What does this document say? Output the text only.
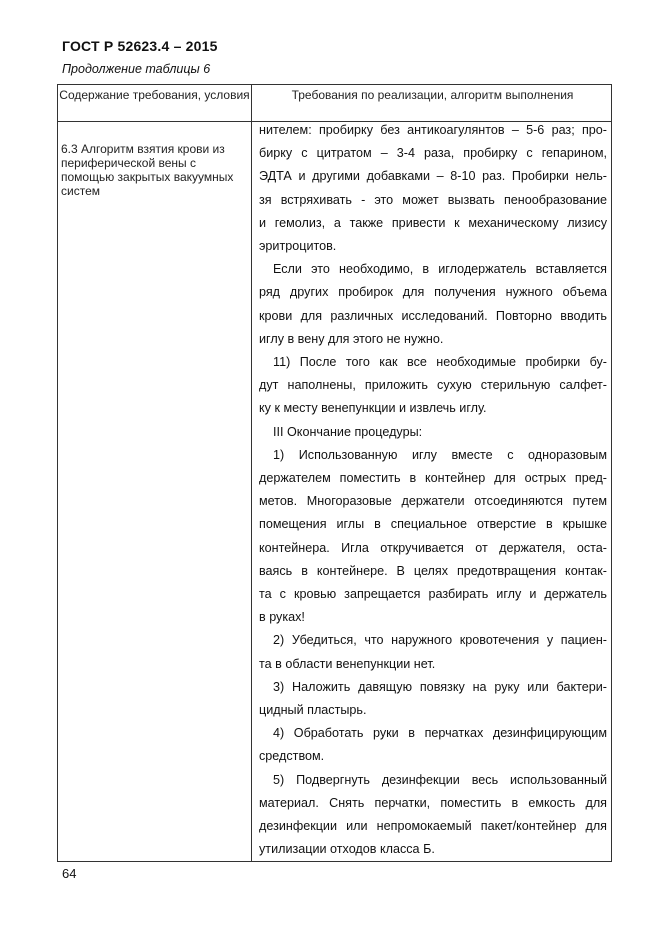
ГОСТ Р 52623.4 – 2015
Продолжение таблицы 6
Содержание требования, условия	Требования по реализации, алгоритм выполнения
6.3 Алгоритм взятия крови из периферической вены с помощью закрытых вакуумных систем

нителем: пробирку без антикоагулянтов – 5-6 раз; про-

бирку с цитратом – 3-4 раза, пробирку с гепарином,

ЭДТА и другими добавками – 8-10 раз. Пробирки нель-

зя встряхивать - это может вызвать пенообразование

и гемолиз, а также привести к механическому лизису

эритроцитов.

Если это необходимо, в иглодержатель вставляется

ряд других пробирок для получения нужного объема

крови для различных исследований. Повторно вводить

иглу в вену для этого не нужно.

11) После того как все необходимые пробирки бу-

дут наполнены, приложить сухую стерильную салфет-

ку к месту венепункции и извлечь иглу.

III Окончание процедуры:

1) Использованную иглу вместе с одноразовым

держателем поместить в контейнер для острых пред-

метов. Многоразовые держатели отсоединяются путем

помещения иглы в специальное отверстие в крышке

контейнера. Игла откручивается от держателя, оста-

ваясь в контейнере. В целях предотвращения контак-

та с кровью запрещается разбирать иглу и держатель

в руках!

2) Убедиться, что наружного кровотечения у пациен-

та в области венепункции нет.

3) Наложить давящую повязку на руку или бактери-

цидный пластырь.

4) Обработать руки в перчатках дезинфицирующим

средством.

5) Подвергнуть дезинфекции весь использованный

материал. Снять перчатки, поместить в емкость для

дезинфекции или непромокаемый пакет/контейнер для

утилизации отходов класса Б.

64
